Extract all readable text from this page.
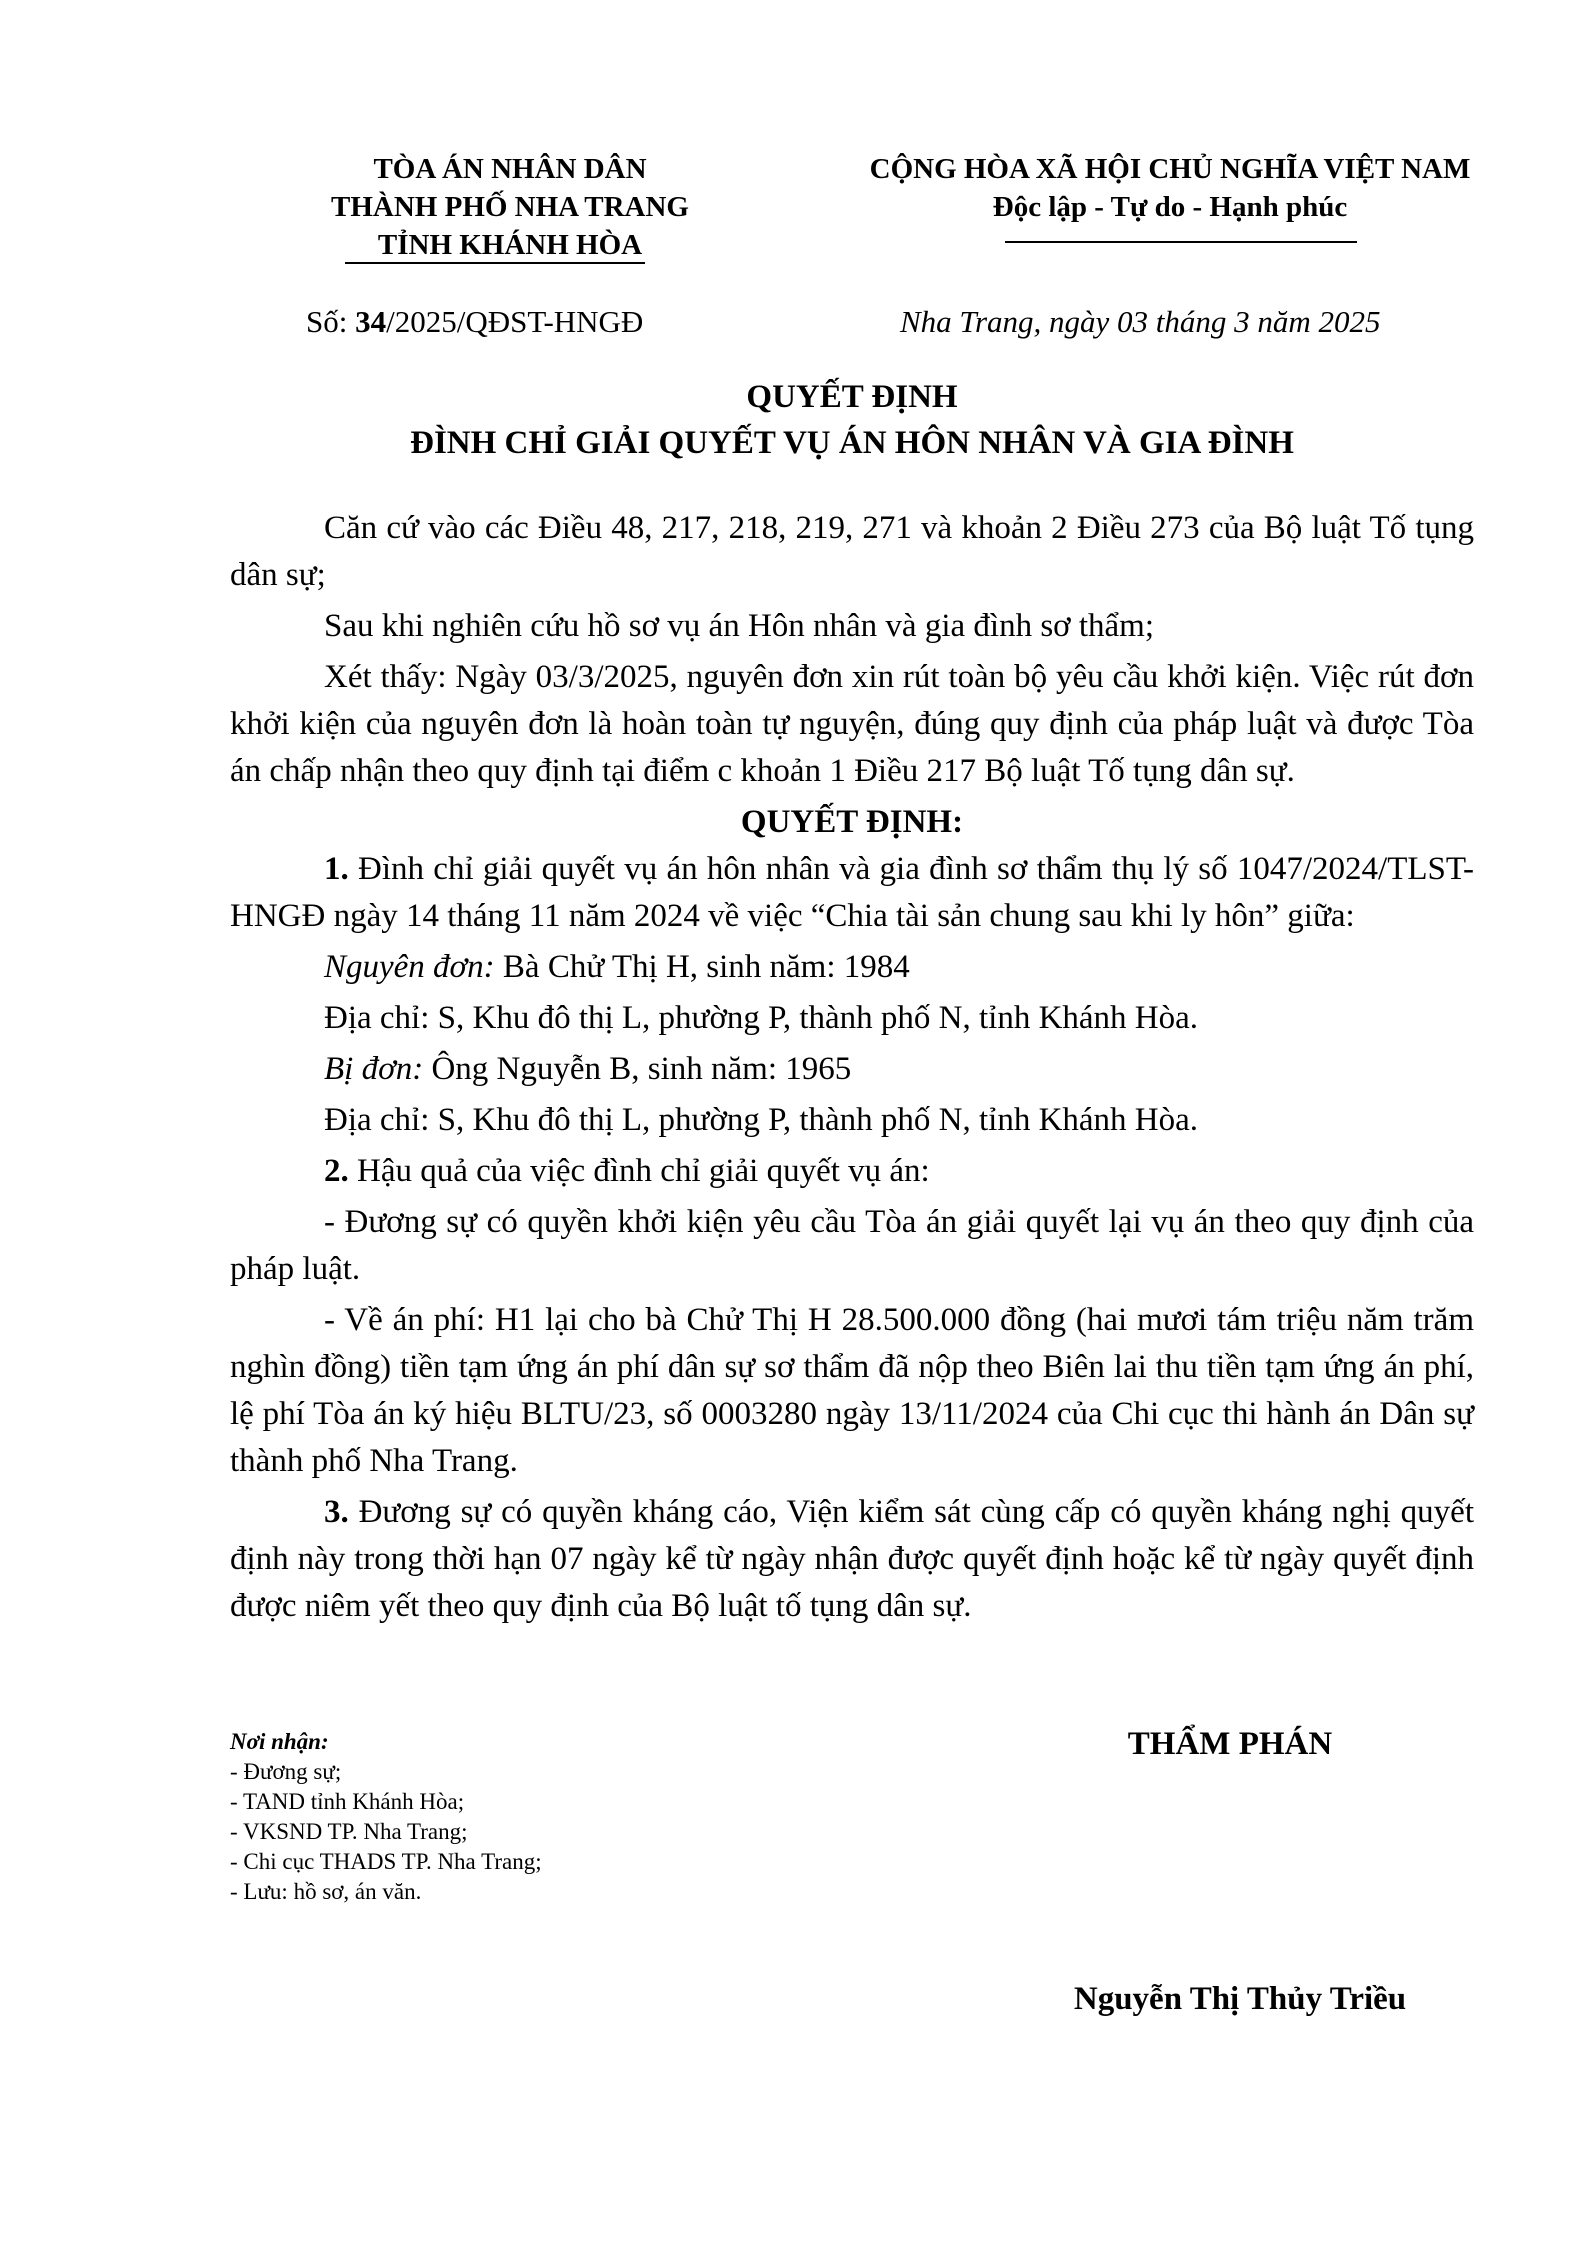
TÒA ÁN NHÂN DÂN
THÀNH PHỐ NHA TRANG
TỈNH KHÁNH HÒA
CỘNG HÒA XÃ HỘI CHỦ NGHĨA VIỆT NAM
Độc lập - Tự do - Hạnh phúc
Số: 34/2025/QĐST-HNGĐ	Nha Trang, ngày 03 tháng 3 năm 2025
QUYẾT ĐỊNH
ĐÌNH CHỈ GIẢI QUYẾT VỤ ÁN HÔN NHÂN VÀ GIA ĐÌNH

Căn cứ vào các Điều 48, 217, 218, 219, 271 và khoản 2 Điều 273 của Bộ luật Tố tụng dân sự;

Sau khi nghiên cứu hồ sơ vụ án Hôn nhân và gia đình sơ thẩm;

Xét thấy: Ngày 03/3/2025, nguyên đơn xin rút toàn bộ yêu cầu khởi kiện. Việc rút đơn khởi kiện của nguyên đơn là hoàn toàn tự nguyện, đúng quy định của pháp luật và được Tòa án chấp nhận theo quy định tại điểm c khoản 1 Điều 217 Bộ luật Tố tụng dân sự.

QUYẾT ĐỊNH:

1. Đình chỉ giải quyết vụ án hôn nhân và gia đình sơ thẩm thụ lý số 1047/2024/TLST-HNGĐ ngày 14 tháng 11 năm 2024 về việc “Chia tài sản chung sau khi ly hôn” giữa:

Nguyên đơn: Bà Chử Thị H, sinh năm: 1984

Địa chỉ: S, Khu đô thị L, phường P, thành phố N, tỉnh Khánh Hòa.

Bị đơn: Ông Nguyễn B, sinh năm: 1965

Địa chỉ: S, Khu đô thị L, phường P, thành phố N, tỉnh Khánh Hòa.

2. Hậu quả của việc đình chỉ giải quyết vụ án:

- Đương sự có quyền khởi kiện yêu cầu Tòa án giải quyết lại vụ án theo quy định của pháp luật.

- Về án phí: H1 lại cho bà Chử Thị H 28.500.000 đồng (hai mươi tám triệu năm trăm nghìn đồng) tiền tạm ứng án phí dân sự sơ thẩm đã nộp theo Biên lai thu tiền tạm ứng án phí, lệ phí Tòa án ký hiệu BLTU/23, số 0003280 ngày 13/11/2024 của Chi cục thi hành án Dân sự thành phố Nha Trang.

3. Đương sự có quyền kháng cáo, Viện kiểm sát cùng cấp có quyền kháng nghị quyết định này trong thời hạn 07 ngày kể từ ngày nhận được quyết định hoặc kể từ ngày quyết định được niêm yết theo quy định của Bộ luật tố tụng dân sự.

Nơi nhận:
- Đương sự;
- TAND tỉnh Khánh Hòa;
- VKSND TP. Nha Trang;
- Chi cục THADS TP. Nha Trang;
- Lưu: hồ sơ, án văn.
THẨM PHÁN
Nguyễn Thị Thủy Triều
